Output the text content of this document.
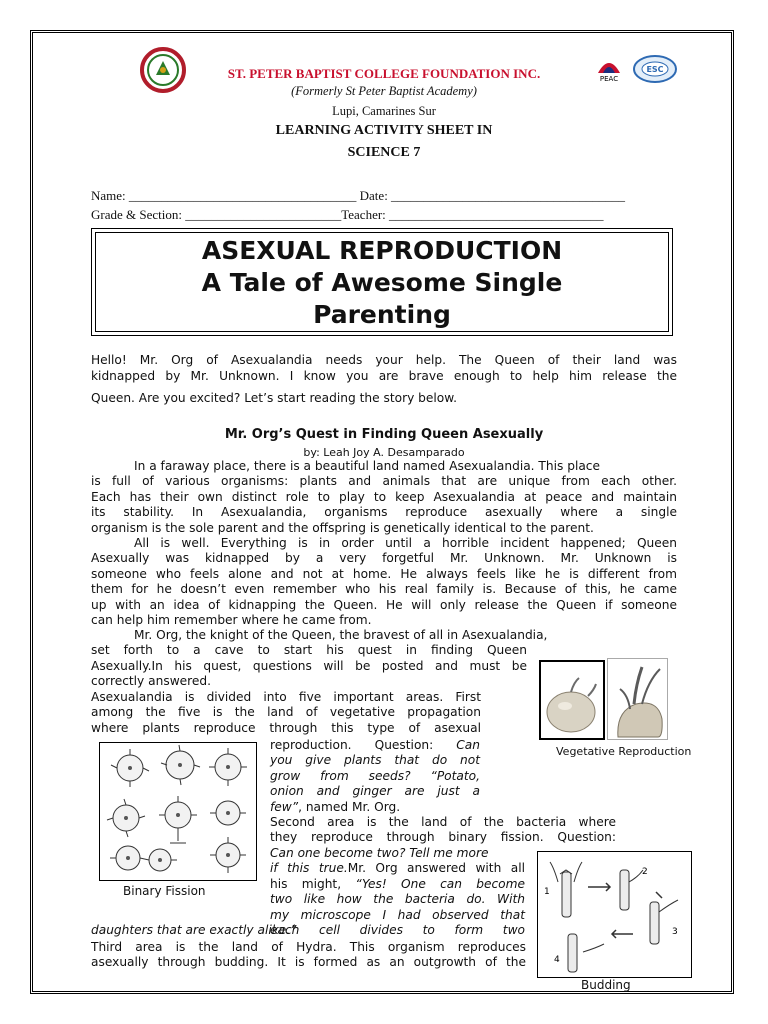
PEAC
ESC
ST. PETER BAPTIST COLLEGE FOUNDATION INC.
(Formerly St Peter Baptist Academy)
Lupi, Camarines Sur
LEARNING ACTIVITY SHEET IN
SCIENCE 7
Name: ___________________________________ Date: ____________________________________
Grade & Section: ________________________Teacher: _________________________________
ASEXUAL REPRODUCTION
A Tale of Awesome Single
Parenting
Hello! Mr. Org of Asexualandia needs your help. The Queen of their land was
kidnapped by Mr. Unknown. I know you are brave enough to help him release the
Queen. Are you excited? Let’s start reading the story below.
Mr. Org’s Quest in Finding Queen Asexually
by: Leah Joy A. Desamparado
In a faraway place, there is a beautiful land named Asexualandia. This place
is full of various organisms: plants and animals that are unique from each other.
Each has their own distinct role to play to keep Asexualandia at peace and maintain
its stability. In Asexualandia, organisms reproduce asexually where a single
organism is the sole parent and the offspring is genetically identical to the parent.
All is well. Everything is in order until a horrible incident happened; Queen
Asexually was kidnapped by a very forgetful Mr. Unknown. Mr. Unknown is
someone who feels alone and not at home. He always feels like he is different from
them for he doesn’t even remember who his real family is. Because of this, he came
up with an idea of kidnapping the Queen. He will only release the Queen if someone
can help him remember where he came from.
Mr. Org, the knight of the Queen, the bravest of all in Asexualandia,
set forth to a cave to start his quest in finding Queen
Asexually.In his quest, questions will be posted and must be
correctly answered.
Asexualandia is divided into five important areas. First
among the five is the land of vegetative propagation
where plants reproduce through this type of asexual
reproduction. Question: Can
you give plants that do not
grow from seeds? “Potato,
onion and ginger are just a
few”, named Mr. Org.
Second area is the land of the bacteria where
they reproduce through binary fission. Question:
Can one become two? Tell me more
if this true.Mr. Org answered with all
his might, “Yes! One can become
two like how the bacteria do. With
my microscope I had observed that
each cell divides to form two
daughters that are exactly alike.”
Third area is the land of Hydra. This organism reproduces
asexually through budding. It is formed as an outgrowth of the
Vegetative Reproduction
Binary Fission	1
2
3
4
Budding
